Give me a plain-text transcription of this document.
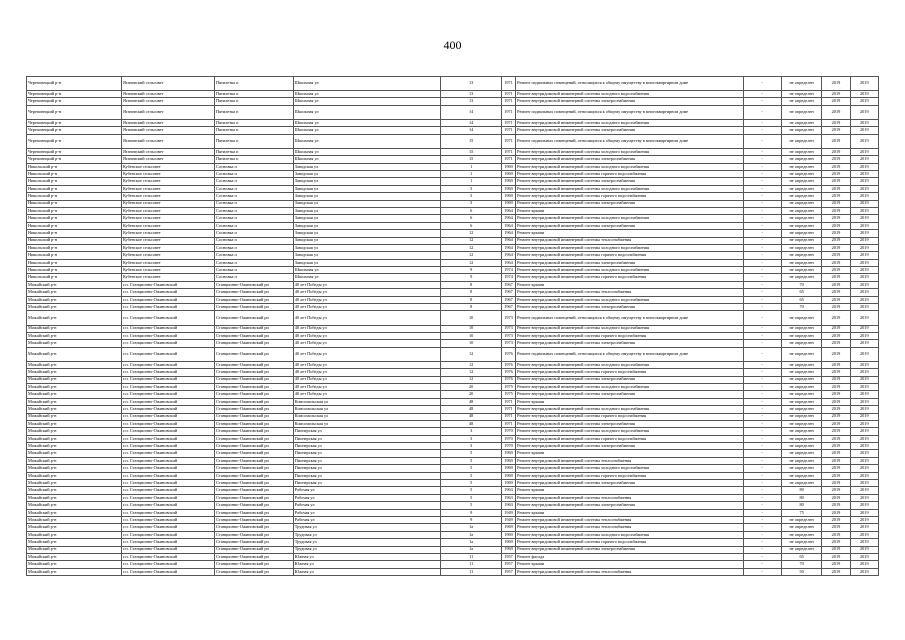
400
Череповецкий р-н	Ягановский сельсовет	Пятилетка п	Школьная ул	13	1971	Ремонт подвальных помещений, относящихся к общему имуществу в многоквартирном доме	-	не определен	2019	2019
Череповецкий р-н	Ягановский сельсовет	Пятилетка п	Школьная ул	13	1971	Ремонт внутридомовой инженерной системы холодного водоснабжения	-	не определен	2019	2019
Череповецкий р-н	Ягановский сельсовет	Пятилетка п	Школьная ул	13	1971	Ремонт внутридомовой инженерной системы электроснабжения	-	не определен	2019	2019
Череповецкий р-н	Ягановский сельсовет	Пятилетка п	Школьная ул	14	1971	Ремонт подвальных помещений, относящихся к общему имуществу в многоквартирном доме	-	не определен	2019	2019
Череповецкий р-н	Ягановский сельсовет	Пятилетка п	Школьная ул	14	1971	Ремонт внутридомовой инженерной системы холодного водоснабжения	-	не определен	2019	2019
Череповецкий р-н	Ягановский сельсовет	Пятилетка п	Школьная ул	14	1971	Ремонт внутридомовой инженерной системы электроснабжения	-	не определен	2019	2019
Череповецкий р-н	Ягановский сельсовет	Пятилетка п	Школьная ул	15	1971	Ремонт подвальных помещений, относящихся к общему имуществу в многоквартирном доме	-	не определен	2019	2019
Череповецкий р-н	Ягановский сельсовет	Пятилетка п	Школьная ул	15	1971	Ремонт внутридомовой инженерной системы холодного водоснабжения	-	не определен	2019	2019
Череповецкий р-н	Ягановский сельсовет	Пятилетка п	Школьная ул	15	1971	Ремонт внутридомовой инженерной системы электроснабжения	-	не определен	2019	2019
Никольский р-н	Кубенское сельсовет	Сосновка п	Заводская ул	1	1969	Ремонт внутридомовой инженерной системы холодного водоснабжения	-	не определен	2019	2019
Никольский р-н	Кубенское сельсовет	Сосновка п	Заводская ул	1	1969	Ремонт внутридомовой инженерной системы горячего водоснабжения	-	не определен	2019	2019
Никольский р-н	Кубенское сельсовет	Сосновка п	Заводская ул	1	1969	Ремонт внутридомовой инженерной системы электроснабжения	-	не определен	2019	2019
Никольский р-н	Кубенское сельсовет	Сосновка п	Заводская ул	3	1969	Ремонт внутридомовой инженерной системы холодного водоснабжения	-	не определен	2019	2019
Никольский р-н	Кубенское сельсовет	Сосновка п	Заводская ул	3	1969	Ремонт внутридомовой инженерной системы горячего водоснабжения	-	не определен	2019	2019
Никольский р-н	Кубенское сельсовет	Сосновка п	Заводская ул	3	1969	Ремонт внутридомовой инженерной системы электроснабжения	-	не определен	2019	2019
Никольский р-н	Кубенское сельсовет	Сосновка п	Заводская ул	6	1964	Ремонт крыши	-	не определен	2019	2019
Никольский р-н	Кубенское сельсовет	Сосновка п	Заводская ул	6	1964	Ремонт внутридомовой инженерной системы холодного водоснабжения	-	не определен	2019	2019
Никольский р-н	Кубенское сельсовет	Сосновка п	Заводская ул	6	1964	Ремонт внутридомовой инженерной системы электроснабжения	-	не определен	2019	2019
Никольский р-н	Кубенское сельсовет	Сосновка п	Заводская ул	12	1964	Ремонт крыши	-	не определен	2019	2019
Никольский р-н	Кубенское сельсовет	Сосновка п	Заводская ул	12	1964	Ремонт внутридомовой инженерной системы теплоснабжения	-	не определен	2019	2019
Никольский р-н	Кубенское сельсовет	Сосновка п	Заводская ул	12	1964	Ремонт внутридомовой инженерной системы холодного водоснабжения	-	не определен	2019	2019
Никольский р-н	Кубенское сельсовет	Сосновка п	Заводская ул	12	1964	Ремонт внутридомовой инженерной системы горячего водоснабжения	-	не определен	2019	2019
Никольский р-н	Кубенское сельсовет	Сосновка п	Заводская ул	12	1964	Ремонт внутридомовой инженерной системы электроснабжения	-	не определен	2019	2019
Никольский р-н	Кубенское сельсовет	Сосновка п	Школьная ул	9	1974	Ремонт внутридомовой инженерной системы холодного водоснабжения	-	не определен	2019	2019
Никольский р-н	Кубенское сельсовет	Сосновка п	Школьная ул	9	1974	Ремонт внутридомовой инженерной системы горячего водоснабжения	-	не определен	2019	2019
Можайский р-н	г.п. Станционно-Ожиновский	Станционно-Ожиновский рп	40 лет Победы ул	8	1967	Ремонт крыши	-	70	2019	2019
Можайский р-н	г.п. Станционно-Ожиновский	Станционно-Ожиновский рп	40 лет Победы ул	8	1967	Ремонт внутридомовой инженерной системы теплоснабжения	-	65	2019	2019
Можайский р-н	г.п. Станционно-Ожиновский	Станционно-Ожиновский рп	40 лет Победы ул	8	1967	Ремонт внутридомовой инженерной системы холодного водоснабжения	-	65	2019	2019
Можайский р-н	г.п. Станционно-Ожиновский	Станционно-Ожиновский рп	40 лет Победы ул	8	1967	Ремонт внутридомовой инженерной системы электроснабжения	-	70	2019	2019
Можайский р-н	г.п. Станционно-Ожиновский	Станционно-Ожиновский рп	40 лет Победы ул	10	1973	Ремонт подвальных помещений, относящихся к общему имуществу в многоквартирном доме	-	не определен	2019	2019
Можайский р-н	г.п. Станционно-Ожиновский	Станционно-Ожиновский рп	40 лет Победы ул	10	1973	Ремонт внутридомовой инженерной системы холодного водоснабжения	-	не определен	2019	2019
Можайский р-н	г.п. Станционно-Ожиновский	Станционно-Ожиновский рп	40 лет Победы ул	10	1973	Ремонт внутридомовой инженерной системы горячего водоснабжения	-	не определен	2019	2019
Можайский р-н	г.п. Станционно-Ожиновский	Станционно-Ожиновский рп	40 лет Победы ул	10	1973	Ремонт внутридомовой инженерной системы электроснабжения	-	не определен	2019	2019
Можайский р-н	г.п. Станционно-Ожиновский	Станционно-Ожиновский рп	40 лет Победы ул	12	1976	Ремонт подвальных помещений, относящихся к общему имуществу в многоквартирном доме	-	не определен	2019	2019
Можайский р-н	г.п. Станционно-Ожиновский	Станционно-Ожиновский рп	40 лет Победы ул	12	1976	Ремонт внутридомовой инженерной системы холодного водоснабжения	-	не определен	2019	2019
Можайский р-н	г.п. Станционно-Ожиновский	Станционно-Ожиновский рп	40 лет Победы ул	12	1976	Ремонт внутридомовой инженерной системы горячего водоснабжения	-	не определен	2019	2019
Можайский р-н	г.п. Станционно-Ожиновский	Станционно-Ожиновский рп	40 лет Победы ул	12	1976	Ремонт внутридомовой инженерной системы электроснабжения	-	не определен	2019	2019
Можайский р-н	г.п. Станционно-Ожиновский	Станционно-Ожиновский рп	40 лет Победы ул	20	1975	Ремонт внутридомовой инженерной системы холодного водоснабжения	-	не определен	2019	2019
Можайский р-н	г.п. Станционно-Ожиновский	Станционно-Ожиновский рп	40 лет Победы ул	20	1975	Ремонт внутридомовой инженерной системы электроснабжения	-	не определен	2019	2019
Можайский р-н	г.п. Станционно-Ожиновский	Станционно-Ожиновский рп	Комсомольская ул	48	1971	Ремонт крыши	-	не определен	2019	2019
Можайский р-н	г.п. Станционно-Ожиновский	Станционно-Ожиновский рп	Комсомольская ул	48	1971	Ремонт внутридомовой инженерной системы холодного водоснабжения	-	не определен	2019	2019
Можайский р-н	г.п. Станционно-Ожиновский	Станционно-Ожиновский рп	Комсомольская ул	48	1971	Ремонт внутридомовой инженерной системы горячего водоснабжения	-	не определен	2019	2019
Можайский р-н	г.п. Станционно-Ожиновский	Станционно-Ожиновский рп	Комсомольская ул	48	1971	Ремонт внутридомовой инженерной системы электроснабжения	-	не определен	2019	2019
Можайский р-н	г.п. Станционно-Ожиновский	Станционно-Ожиновский рп	Пионерская ул	3	1970	Ремонт внутридомовой инженерной системы холодного водоснабжения	-	не определен	2019	2019
Можайский р-н	г.п. Станционно-Ожиновский	Станционно-Ожиновский рп	Пионерская ул	3	1970	Ремонт внутридомовой инженерной системы горячего водоснабжения	-	не определен	2019	2019
Можайский р-н	г.п. Станционно-Ожиновский	Станционно-Ожиновский рп	Пионерская ул	3	1970	Ремонт внутридомовой инженерной системы электроснабжения	-	не определен	2019	2019
Можайский р-н	г.п. Станционно-Ожиновский	Станционно-Ожиновский рп	Пионерская ул	5	1969	Ремонт крыши	-	не определен	2019	2019
Можайский р-н	г.п. Станционно-Ожиновский	Станционно-Ожиновский рп	Пионерская ул	5	1969	Ремонт внутридомовой инженерной системы теплоснабжения	-	не определен	2019	2019
Можайский р-н	г.п. Станционно-Ожиновский	Станционно-Ожиновский рп	Пионерская ул	5	1969	Ремонт внутридомовой инженерной системы холодного водоснабжения	-	не определен	2019	2019
Можайский р-н	г.п. Станционно-Ожиновский	Станционно-Ожиновский рп	Пионерская ул	5	1969	Ремонт внутридомовой инженерной системы горячего водоснабжения	-	не определен	2019	2019
Можайский р-н	г.п. Станционно-Ожиновский	Станционно-Ожиновский рп	Пионерская ул	5	1969	Ремонт внутридомовой инженерной системы электроснабжения	-	не определен	2019	2019
Можайский р-н	г.п. Станционно-Ожиновский	Станционно-Ожиновский рп	Рабочая ул	5	1963	Ремонт крыши	-	80	2019	2019
Можайский р-н	г.п. Станционно-Ожиновский	Станционно-Ожиновский рп	Рабочая ул	5	1963	Ремонт внутридомовой инженерной системы теплоснабжения	-	80	2019	2019
Можайский р-н	г.п. Станционно-Ожиновский	Станционно-Ожиновский рп	Рабочая ул	5	1963	Ремонт внутридомовой инженерной системы электроснабжения	-	80	2019	2019
Можайский р-н	г.п. Станционно-Ожиновский	Станционно-Ожиновский рп	Рабочая ул	9	1949	Ремонт крыши	-	75	2019	2019
Можайский р-н	г.п. Станционно-Ожиновский	Станционно-Ожиновский рп	Рабочая ул	9	1949	Ремонт внутридомовой инженерной системы теплоснабжения	-	не определен	2019	2019
Можайский р-н	г.п. Станционно-Ожиновский	Станционно-Ожиновский рп	Трудовая ул	1а	1969	Ремонт внутридомовой инженерной системы теплоснабжения	-	не определен	2019	2019
Можайский р-н	г.п. Станционно-Ожиновский	Станционно-Ожиновский рп	Трудовая ул	1а	1969	Ремонт внутридомовой инженерной системы холодного водоснабжения	-	не определен	2019	2019
Можайский р-н	г.п. Станционно-Ожиновский	Станционно-Ожиновский рп	Трудовая ул	1а	1969	Ремонт внутридомовой инженерной системы горячего водоснабжения	-	не определен	2019	2019
Можайский р-н	г.п. Станционно-Ожиновский	Станционно-Ожиновский рп	Трудовая ул	1а	1969	Ремонт внутридомовой инженерной системы электроснабжения	-	не определен	2019	2019
Можайский р-н	г.п. Станционно-Ожиновский	Станционно-Ожиновский рп	Южная ул	11	1957	Ремонт фасада	-	65	2019	2019
Можайский р-н	г.п. Станционно-Ожиновский	Станционно-Ожиновский рп	Южная ул	11	1957	Ремонт крыши	-	70	2019	2019
Можайский р-н	г.п. Станционно-Ожиновский	Станционно-Ожиновский рп	Южная ул	11	1957	Ремонт внутридомовой инженерной системы теплоснабжения	-	50	2019	2019
